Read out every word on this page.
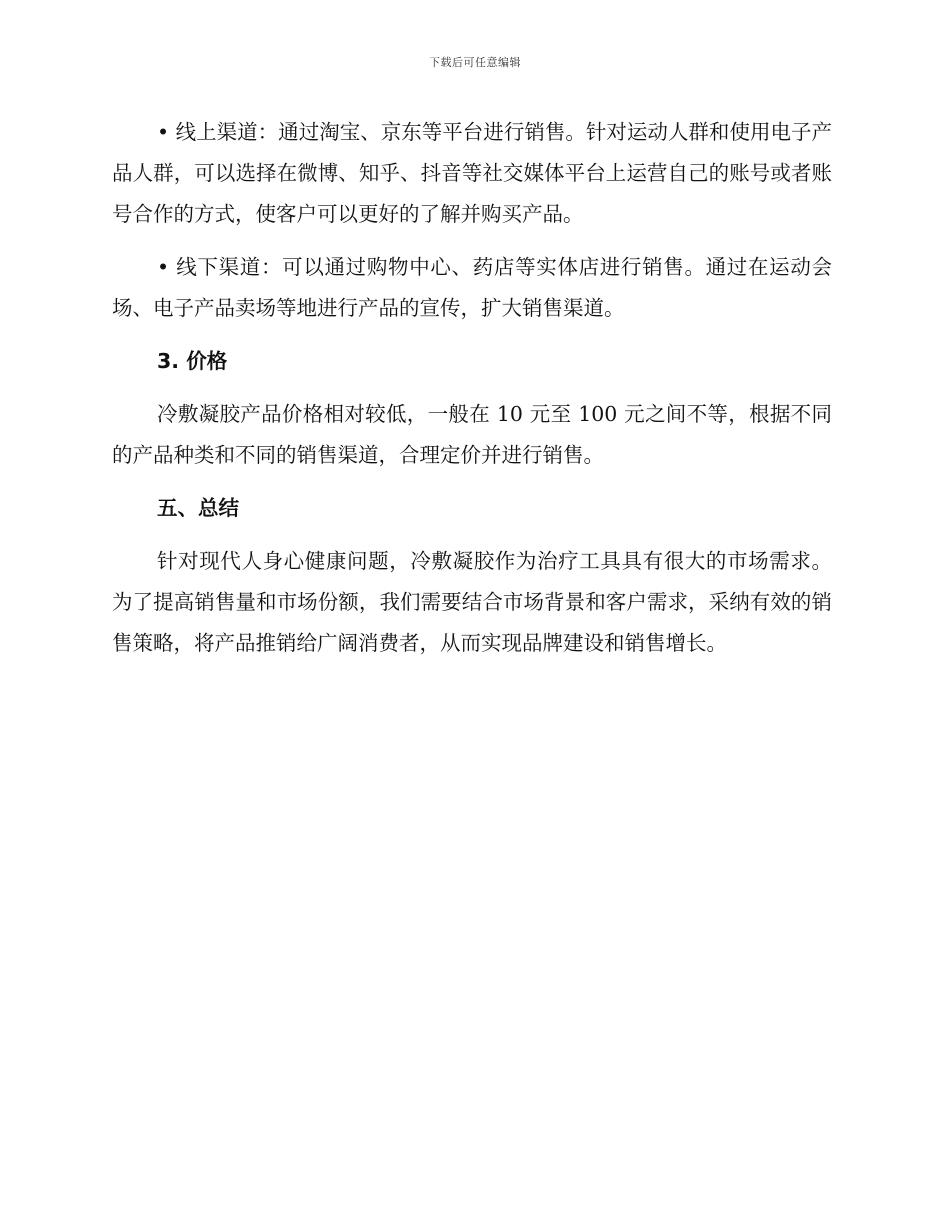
下载后可任意编辑

• 线上渠道：通过淘宝、京东等平台进行销售。针对运动人群和使用电子产品人群，可以选择在微博、知乎、抖音等社交媒体平台上运营自己的账号或者账号合作的方式，使客户可以更好的了解并购买产品。

• 线下渠道：可以通过购物中心、药店等实体店进行销售。通过在运动会场、电子产品卖场等地进行产品的宣传，扩大销售渠道。

3. 价格

冷敷凝胶产品价格相对较低，一般在 10 元至 100 元之间不等，根据不同的产品种类和不同的销售渠道，合理定价并进行销售。

五、总结

针对现代人身心健康问题，冷敷凝胶作为治疗工具具有很大的市场需求。为了提高销售量和市场份额，我们需要结合市场背景和客户需求，采纳有效的销售策略，将产品推销给广阔消费者，从而实现品牌建设和销售增长。
